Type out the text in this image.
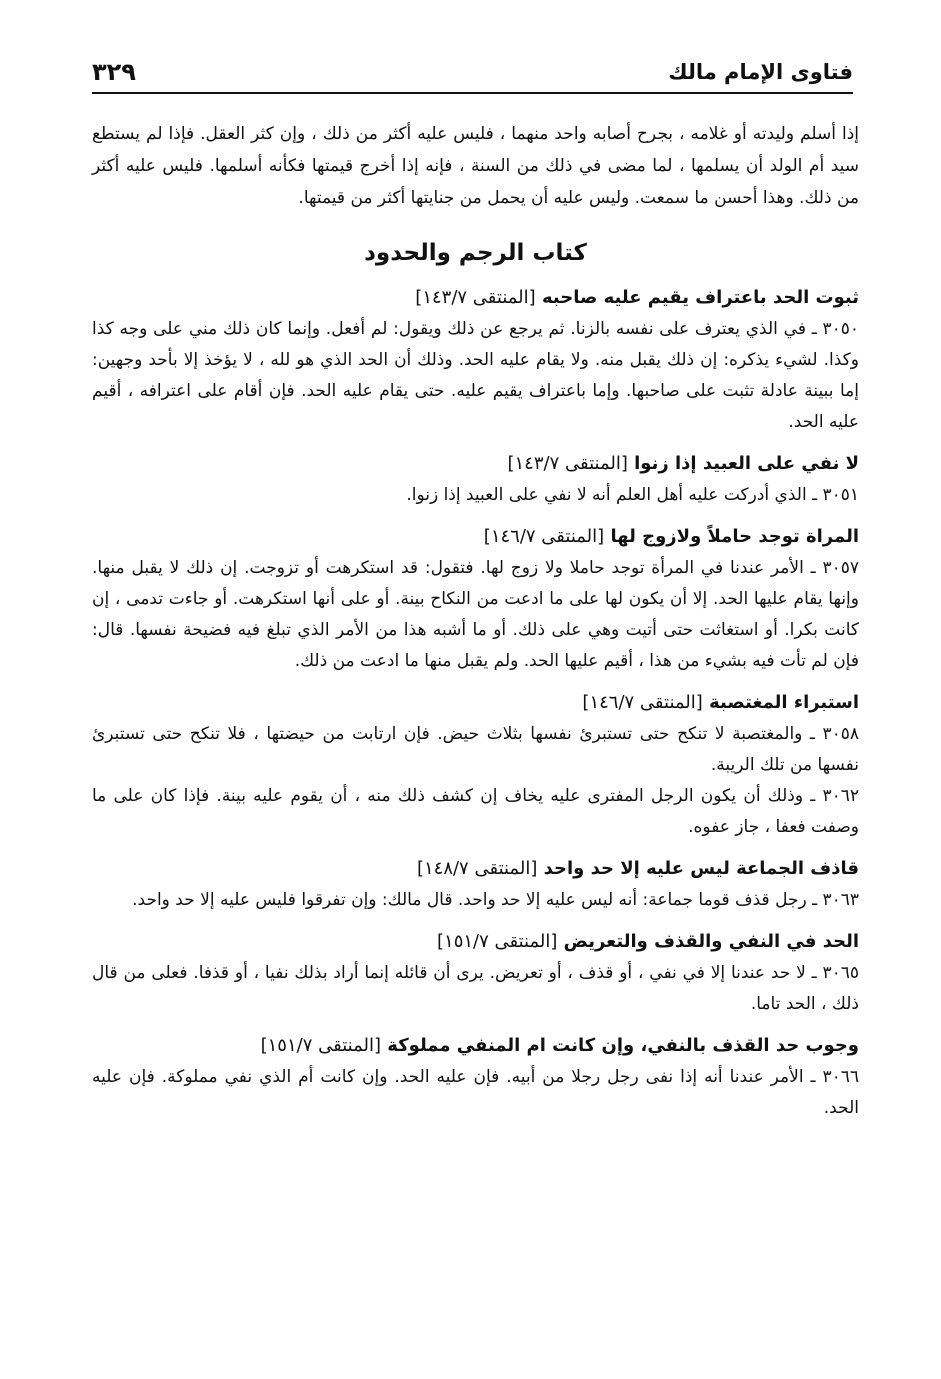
فتاوى الإمام مالك
٣٢٩

إذا أسلم وليدته أو غلامه ، بجرح أصابه واحد منهما ، فليس عليه أكثر من ذلك ، وإن كثر العقل. فإذا لم يستطع سيد أم الولد أن يسلمها ، لما مضى في ذلك من السنة ، فإنه إذا أخرج قيمتها فكأنه أسلمها. فليس عليه أكثر من ذلك. وهذا أحسن ما سمعت. وليس عليه أن يحمل من جنايتها أكثر من قيمتها.

كتاب الرجم والحدود
ثبوت الحد باعتراف يقيم عليه صاحبه [المنتقى ١٤٣/٧]

٣٠٥٠ ـ في الذي يعترف على نفسه بالزنا. ثم يرجع عن ذلك ويقول: لم أفعل. وإنما كان ذلك مني على وجه كذا وكذا. لشيء يذكره: إن ذلك يقبل منه. ولا يقام عليه الحد. وذلك أن الحد الذي هو لله ، لا يؤخذ إلا بأحد وجهين: إما ببينة عادلة تثبت على صاحبها. وإما باعتراف يقيم عليه. حتى يقام عليه الحد. فإن أقام على اعترافه ، أقيم عليه الحد.

لا نفي على العبيد إذا زنوا [المنتقى ١٤٣/٧]

٣٠٥١ ـ الذي أدركت عليه أهل العلم أنه لا نفي على العبيد إذا زنوا.

المراة توجد حاملاً ولازوج لها [المنتقى ١٤٦/٧]

٣٠٥٧ ـ الأمر عندنا في المرأة توجد حاملا ولا زوج لها. فتقول: قد استكرهت أو تزوجت. إن ذلك لا يقبل منها. وإنها يقام عليها الحد. إلا أن يكون لها على ما ادعت من النكاح بينة. أو على أنها استكرهت. أو جاءت تدمى ، إن كانت بكرا. أو استغاثت حتى أتيت وهي على ذلك. أو ما أشبه هذا من الأمر الذي تبلغ فيه فضيحة نفسها. قال: فإن لم تأت فيه بشيء من هذا ، أقيم عليها الحد. ولم يقبل منها ما ادعت من ذلك.

استبراء المغتصبة [المنتقى ١٤٦/٧]

٣٠٥٨ ـ والمغتصبة لا تنكح حتى تستبرئ نفسها بثلاث حيض. فإن ارتابت من حيضتها ، فلا تنكح حتى تستبرئ نفسها من تلك الريبة.

٣٠٦٢ ـ وذلك أن يكون الرجل المفترى عليه يخاف إن كشف ذلك منه ، أن يقوم عليه بينة. فإذا كان على ما وصفت فعفا ، جاز عفوه.

قاذف الجماعة ليس عليه إلا حد واحد [المنتقى ١٤٨/٧]

٣٠٦٣ ـ رجل قذف قوما جماعة: أنه ليس عليه إلا حد واحد. قال مالك: وإن تفرقوا فليس عليه إلا حد واحد.

الحد في النفي والقذف والتعريض [المنتقى ١٥١/٧]

٣٠٦٥ ـ لا حد عندنا إلا في نفي ، أو قذف ، أو تعريض. يرى أن قائله إنما أراد بذلك نفيا ، أو قذفا. فعلى من قال ذلك ، الحد تاما.

وجوب حد القذف بالنفي، وإن كانت ام المنفي مملوكة [المنتقى ١٥١/٧]

٣٠٦٦ ـ الأمر عندنا أنه إذا نفى رجل رجلا من أبيه. فإن عليه الحد. وإن كانت أم الذي نفي مملوكة. فإن عليه الحد.
